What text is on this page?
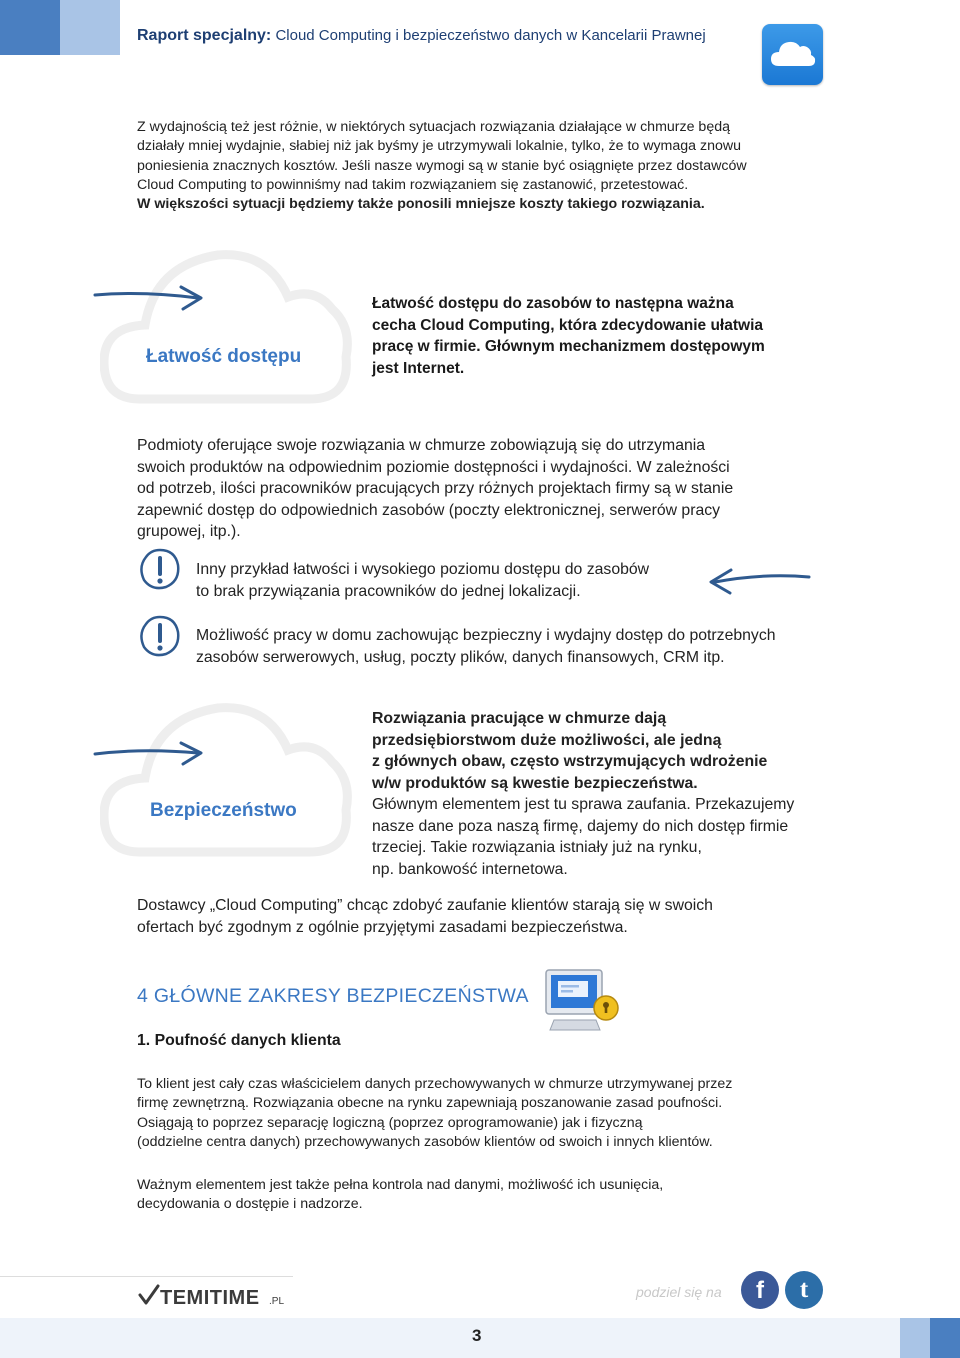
Raport specjalny: Cloud Computing i bezpieczeństwo danych w Kancelarii Prawnej
Z wydajnością też jest różnie, w niektórych sytuacjach rozwiązania działające w chmurze będą
działały mniej wydajnie, słabiej niż jak byśmy je utrzymywali lokalnie, tylko, że to wymaga znowu
poniesienia znacznych kosztów. Jeśli nasze wymogi są w stanie być osiągnięte przez dostawców
Cloud Computing to powinniśmy nad takim rozwiązaniem się zastanowić, przetestować.
W większości sytuacji będziemy także ponosili mniejsze koszty takiego rozwiązania.
Łatwość dostępu
Łatwość dostępu do zasobów to następna ważna
cecha Cloud Computing, która zdecydowanie ułatwia
pracę w firmie. Głównym mechanizmem dostępowym
jest Internet.
Podmioty oferujące swoje rozwiązania w chmurze zobowiązują się do utrzymania
swoich produktów na odpowiednim poziomie dostępności i wydajności. W zależności
od potrzeb, ilości pracowników pracujących przy różnych projektach firmy są w stanie
zapewnić dostęp do odpowiednich zasobów (poczty elektronicznej, serwerów pracy
grupowej, itp.).
Inny przykład łatwości i wysokiego poziomu dostępu do zasobów
to brak przywiązania pracowników do jednej lokalizacji.
Możliwość pracy w domu zachowując bezpieczny i wydajny dostęp do potrzebnych
zasobów serwerowych, usług, poczty plików, danych finansowych, CRM itp.
Bezpieczeństwo
Rozwiązania pracujące w chmurze dają
przedsiębiorstwom duże możliwości, ale jedną
z głównych obaw, często wstrzymujących wdrożenie
w/w produktów są kwestie bezpieczeństwa.
Głównym elementem jest tu sprawa zaufania. Przekazujemy
nasze dane poza naszą firmę, dajemy do nich dostęp firmie
trzeciej. Takie rozwiązania istniały już na rynku,
np. bankowość internetowa.
Dostawcy „Cloud Computing” chcąc zdobyć zaufanie klientów starają się w swoich
ofertach być zgodnym z ogólnie przyjętymi zasadami bezpieczeństwa.
4 GŁÓWNE ZAKRESY BEZPIECZEŃSTWA
1. Poufność danych klienta
To klient jest cały czas właścicielem danych przechowywanych w chmurze utrzymywanej przez
firmę zewnętrzną. Rozwiązania obecne na rynku zapewniają poszanowanie zasad poufności.
Osiągają to poprzez separację logiczną (poprzez oprogramowanie) jak i fizyczną
(oddzielne centra danych) przechowywanych zasobów klientów od swoich i innych klientów.
Ważnym elementem jest także pełna kontrola nad danymi, możliwość ich usunięcia,
decydowania o dostępie i nadzorze.
TEMITIME .PL
podziel się na	f	t
3
